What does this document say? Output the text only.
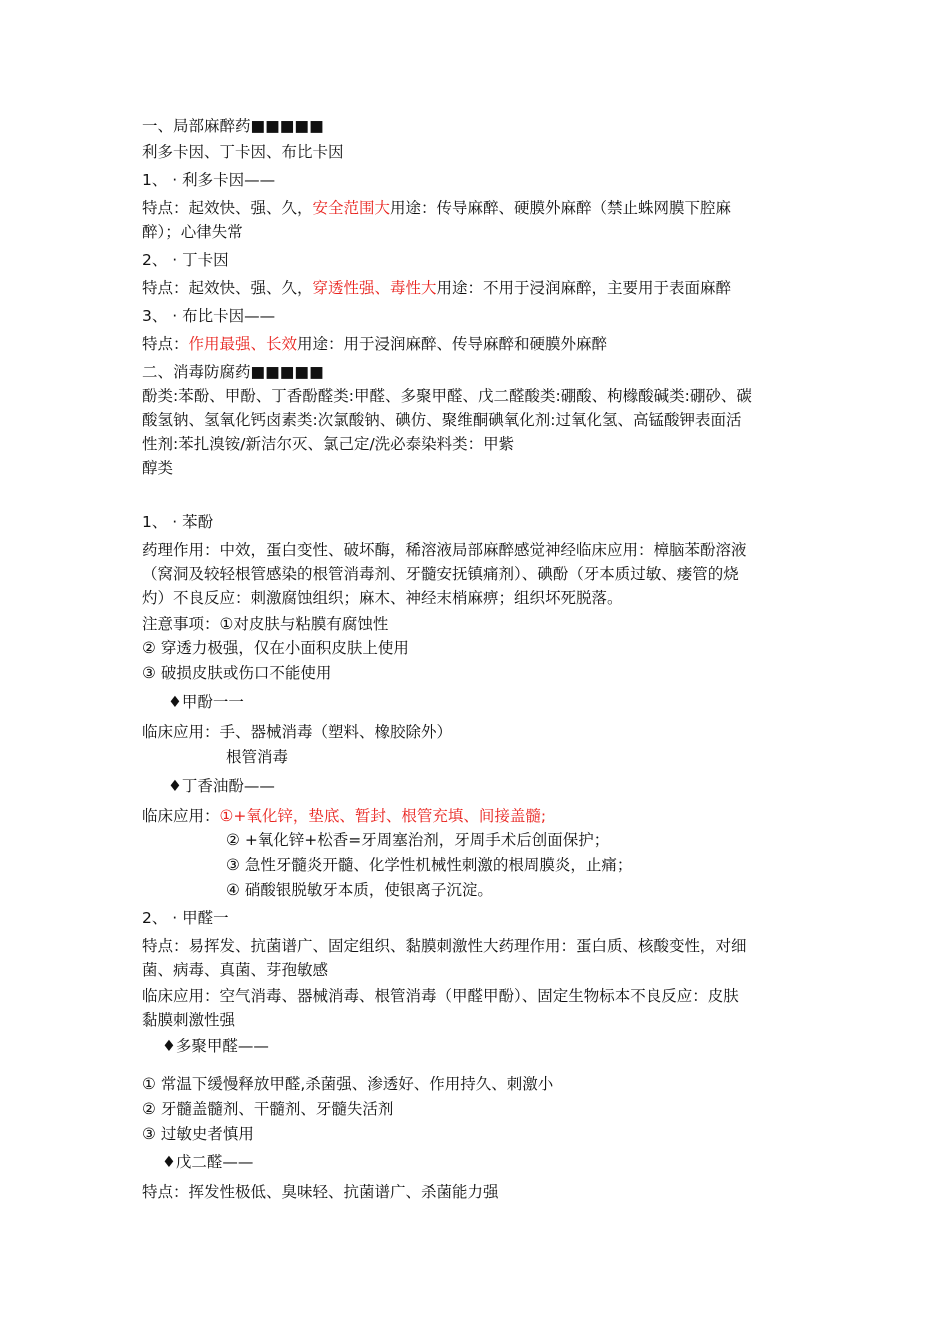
一、局部麻醉药■■■■■
利多卡因、丁卡因、布比卡因
1、 · 利多卡因——
特点：起效快、强、久，安全范围大用途：传导麻醉、硬膜外麻醉（禁止蛛网膜下腔麻
醉）；心律失常
2、 · 丁卡因
特点：起效快、强、久，穿透性强、毒性大用途：不用于浸润麻醉，主要用于表面麻醉
3、 · 布比卡因——
特点：作用最强、长效用途：用于浸润麻醉、传导麻醉和硬膜外麻醉
二、消毒防腐药■■■■■
酚类:苯酚、甲酚、丁香酚醛类:甲醛、多聚甲醛、戊二醛酸类:硼酸、枸橼酸碱类:硼砂、碳
酸氢钠、氢氧化钙卤素类:次氯酸钠、碘仿、聚维酮碘氧化剂:过氧化氢、高锰酸钾表面活
性剂:苯扎溴铵/新洁尔灭、氯己定/洗必泰染料类：甲紫
醇类
1、 · 苯酚
药理作用：中效，蛋白变性、破坏酶，稀溶液局部麻醉感觉神经临床应用：樟脑苯酚溶液
（窝洞及较轻根管感染的根管消毒剂、牙髓安抚镇痛剂）、碘酚（牙本质过敏、瘘管的烧
灼）不良反应：刺激腐蚀组织；麻木、神经末梢麻痹；组织坏死脱落。
注意事项：①对皮肤与粘膜有腐蚀性
② 穿透力极强，仅在小面积皮肤上使用
③ 破损皮肤或伤口不能使用
♦甲酚一一
临床应用：手、器械消毒（塑料、橡胶除外）
根管消毒
♦丁香油酚——
临床应用：①+氧化锌，垫底、暂封、根管充填、间接盖髓;
② +氧化锌+松香=牙周塞治剂，牙周手术后创面保护；
③ 急性牙髓炎开髓、化学性机械性刺激的根周膜炎，止痛；
④ 硝酸银脱敏牙本质，使银离子沉淀。
2、 · 甲醛一
特点：易挥发、抗菌谱广、固定组织、黏膜刺激性大药理作用：蛋白质、核酸变性，对细
菌、病毒、真菌、芽孢敏感
临床应用：空气消毒、器械消毒、根管消毒（甲醛甲酚）、固定生物标本不良反应：皮肤
黏膜刺激性强
♦多聚甲醛——
① 常温下缓慢释放甲醛,杀菌强、渗透好、作用持久、刺激小
② 牙髓盖髓剂、干髓剂、牙髓失活剂
③ 过敏史者慎用
♦戊二醛——
特点：挥发性极低、臭味轻、抗菌谱广、杀菌能力强
